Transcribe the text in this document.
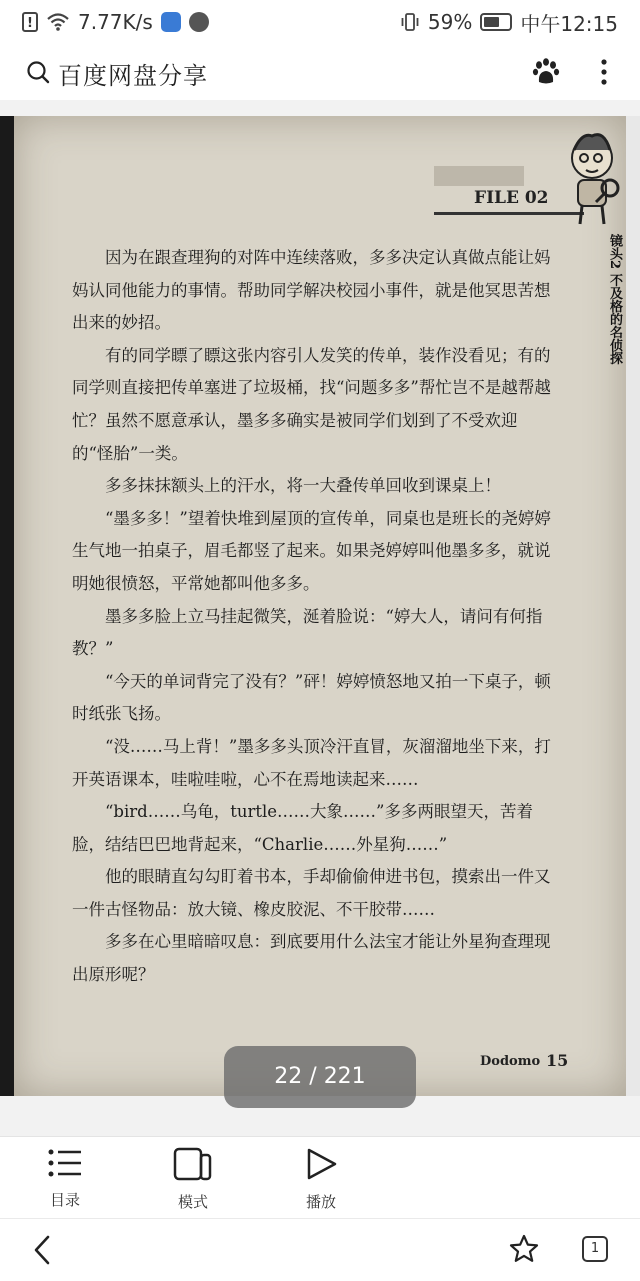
! 7.77K/s	59% 中午12:15
百度网盘分享
FILE 02
镜头2 不及格的名侦探

因为在跟查理狗的对阵中连续落败，多多决定认真做点能让妈妈认同他能力的事情。帮助同学解决校园小事件，就是他冥思苦想出来的妙招。

有的同学瞟了瞟这张内容引人发笑的传单，装作没看见；有的同学则直接把传单塞进了垃圾桶，找“问题多多”帮忙岂不是越帮越忙？虽然不愿意承认，墨多多确实是被同学们划到了不受欢迎的“怪胎”一类。

多多抹抹额头上的汗水，将一大叠传单回收到课桌上！

“墨多多！”望着快堆到屋顶的宣传单，同桌也是班长的尧婷婷生气地一拍桌子，眉毛都竖了起来。如果尧婷婷叫他墨多多，就说明她很愤怒，平常她都叫他多多。

墨多多脸上立马挂起微笑，涎着脸说：“婷大人，请问有何指教？”

“今天的单词背完了没有？”砰！婷婷愤怒地又拍一下桌子，顿时纸张飞扬。

“没……马上背！”墨多多头顶冷汗直冒，灰溜溜地坐下来，打开英语课本，哇啦哇啦，心不在焉地读起来……

“bird……乌龟，turtle……大象……”多多两眼望天，苦着脸，结结巴巴地背起来，“Charlie……外星狗……”

他的眼睛直勾勾盯着书本，手却偷偷伸进书包，摸索出一件又一件古怪物品：放大镜、橡皮胶泥、不干胶带……

多多在心里暗暗叹息：到底要用什么法宝才能让外星狗查理现出原形呢？

Dodomo 15
22 / 221
目录	模式	播放
1
